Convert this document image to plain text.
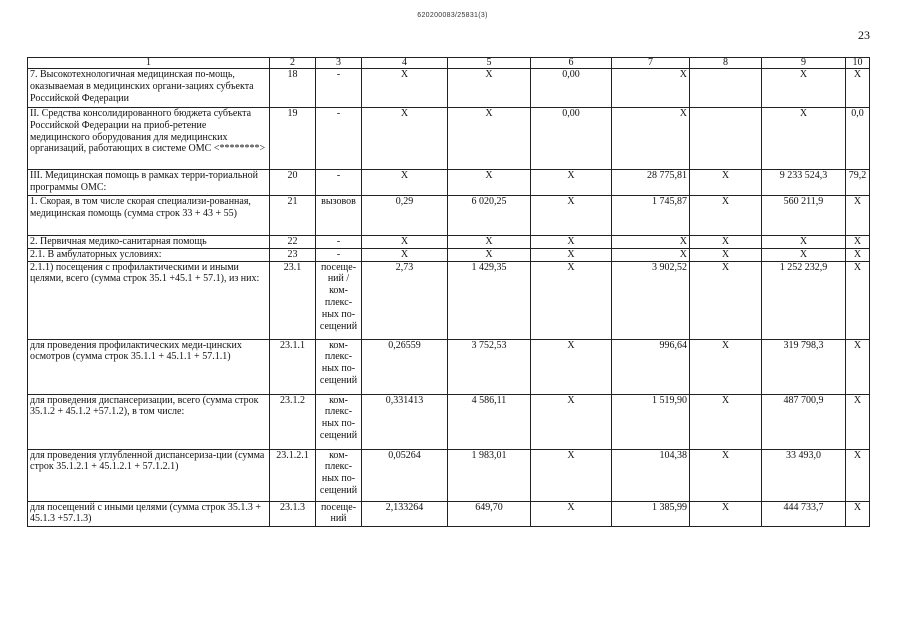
620200083/25831(3)
23
1	2	3	4	5	6	7	8	9	10
7. Высокотехнологичная медицинская по-мощь, оказываемая в медицинских органи-зациях субъекта Российской Федерации	18	-	X	X	0,00	X		X	X
II. Средства консолидированного бюджета субъекта Российской Федерации на приоб-ретение медицинского оборудования для медицинских организаций, работающих в системе ОМС <********>	19	-	X	X	0,00	X		X	0,0
III. Медицинская помощь в рамках терри-ториальной программы ОМС:	20	-	X	X	X	28 775,81	X	9 233 524,3	79,2
1. Скорая, в том числе скорая специализи-рованная, медицинская помощь (сумма строк 33 + 43 + 55)	21	вызовов	0,29	6 020,25	X	1 745,87	X	560 211,9	X
2. Первичная медико-санитарная помощь	22	-	X	X	X	X	X	X	X
2.1. В амбулаторных условиях:	23	-	X	X	X	X	X	X	X
2.1.1) посещения с профилактическими и иными целями, всего (сумма строк 35.1 +45.1 + 57.1), из них:	23.1	посеще-ний / ком-плекс-ных по-сещений	2,73	1 429,35	X	3 902,52	X	1 252 232,9	X
для проведения профилактических меди-цинских осмотров (сумма строк 35.1.1 + 45.1.1 + 57.1.1)	23.1.1	ком-плекс-ных по-сещений	0,26559	3 752,53	X	996,64	X	319 798,3	X
для проведения диспансеризации, всего (сумма строк 35.1.2 + 45.1.2 +57.1.2), в том числе:	23.1.2	ком-плекс-ных по-сещений	0,331413	4 586,11	X	1 519,90	X	487 700,9	X
для проведения углубленной диспансериза-ции (сумма строк 35.1.2.1 + 45.1.2.1 + 57.1.2.1)	23.1.2.1	ком-плекс-ных по-сещений	0,05264	1 983,01	X	104,38	X	33 493,0	X
для посещений с иными целями (сумма строк 35.1.3 + 45.1.3 +57.1.3)	23.1.3	посеще-ний	2,133264	649,70	X	1 385,99	X	444 733,7	X
